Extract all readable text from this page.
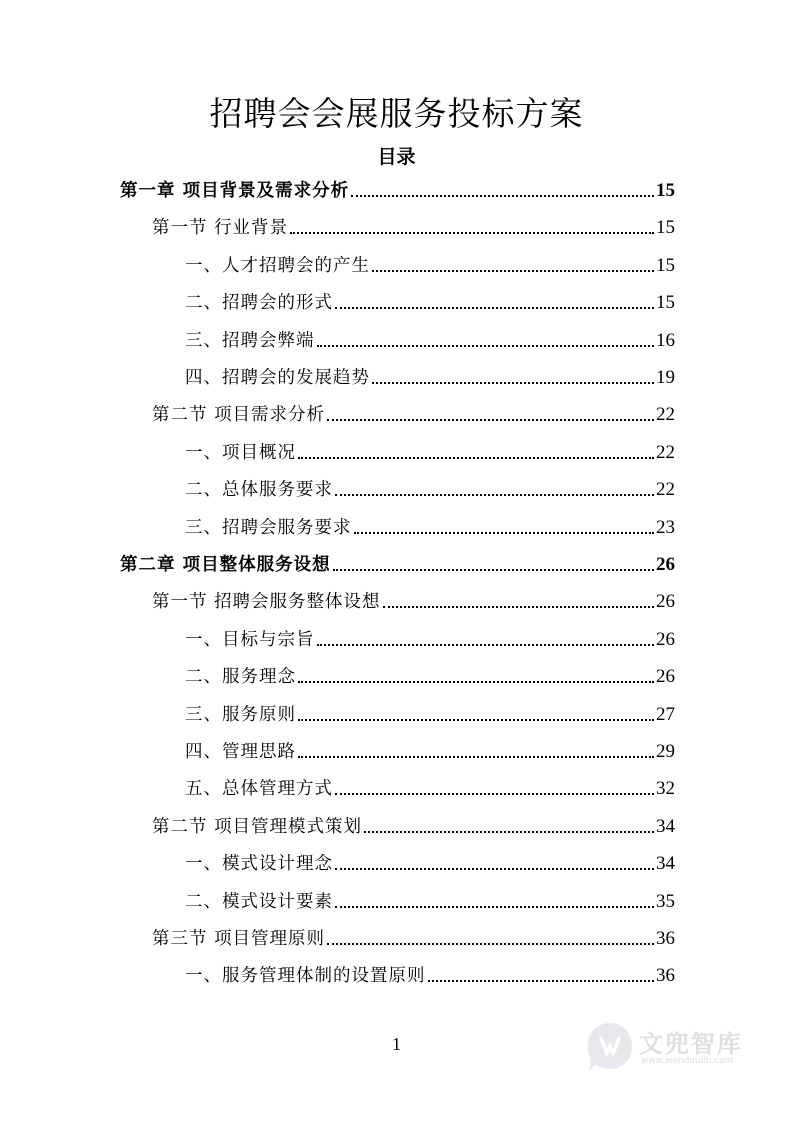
招聘会会展服务投标方案
目录
第一章 项目背景及需求分析	15
第一节 行业背景	15
一、人才招聘会的产生	15
二、招聘会的形式	15
三、招聘会弊端	16
四、招聘会的发展趋势	19
第二节 项目需求分析	22
一、项目概况	22
二、总体服务要求	22
三、招聘会服务要求	23
第二章 项目整体服务设想	26
第一节 招聘会服务整体设想	26
一、目标与宗旨	26
二、服务理念	26
三、服务原则	27
四、管理思路	29
五、总体管理方式	32
第二节 项目管理模式策划	34
一、模式设计理念	34
二、模式设计要素	35
第三节 项目管理原则	36
一、服务管理体制的设置原则	36
1	文兜智库
www.wendoulib.com
